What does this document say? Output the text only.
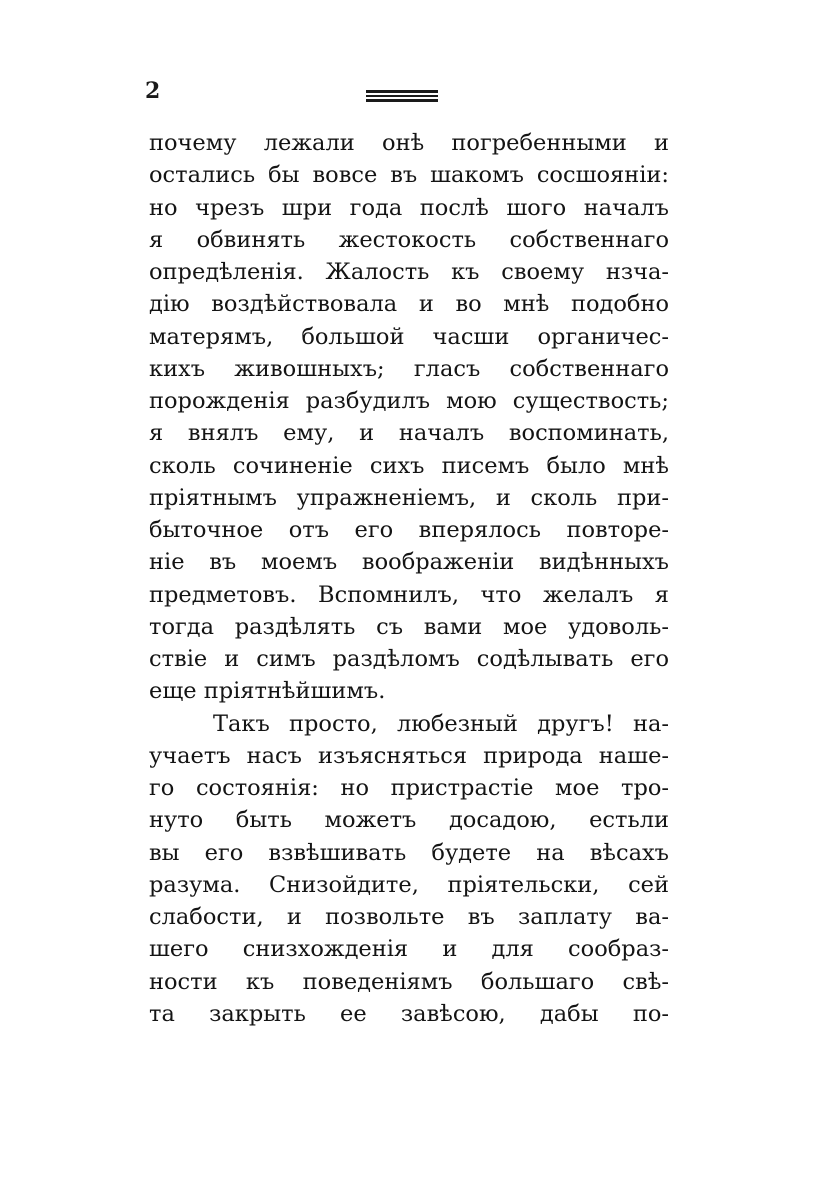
2
почему лежали онѣ погребенными и
остались бы вовсе въ шакомъ сосшояніи:
но чрезъ шри года послѣ шого началъ
я обвинять жестокость собственнаго
опредѣленія. Жалость къ своему нзча-
дію воздѣйствовала и во мнѣ подобно
матерямъ, большой часши органичес-
кихъ живошныхъ; гласъ собственнаго
порожденія разбудилъ мою существость;
я внялъ ему, и началъ воспоминать,
сколь сочиненіе сихъ писемъ было мнѣ
пріятнымъ упражненіемъ, и сколь при-
быточное отъ его вперялось повторе-
ніе въ моемъ воображеніи видѣнныхъ
предметовъ. Вспомнилъ, что желалъ я
тогда раздѣлять съ вами мое удоволь-
ствіе и симъ раздѣломъ содѣлывать его
еще пріятнѣйшимъ.
Такъ просто, любезный другъ! на-
учаетъ насъ изъясняться природа наше-
го состоянія: но пристрастіе мое тро-
нуто быть можетъ досадою, естьли
вы его взвѣшивать будете на вѣсахъ
разума. Снизойдите, пріятельски, сей
слабости, и позвольте въ заплату ва-
шего снизхожденія и для сообраз-
ности къ поведеніямъ большаго свѣ-
та закрыть ее завѣсою, дабы по-
